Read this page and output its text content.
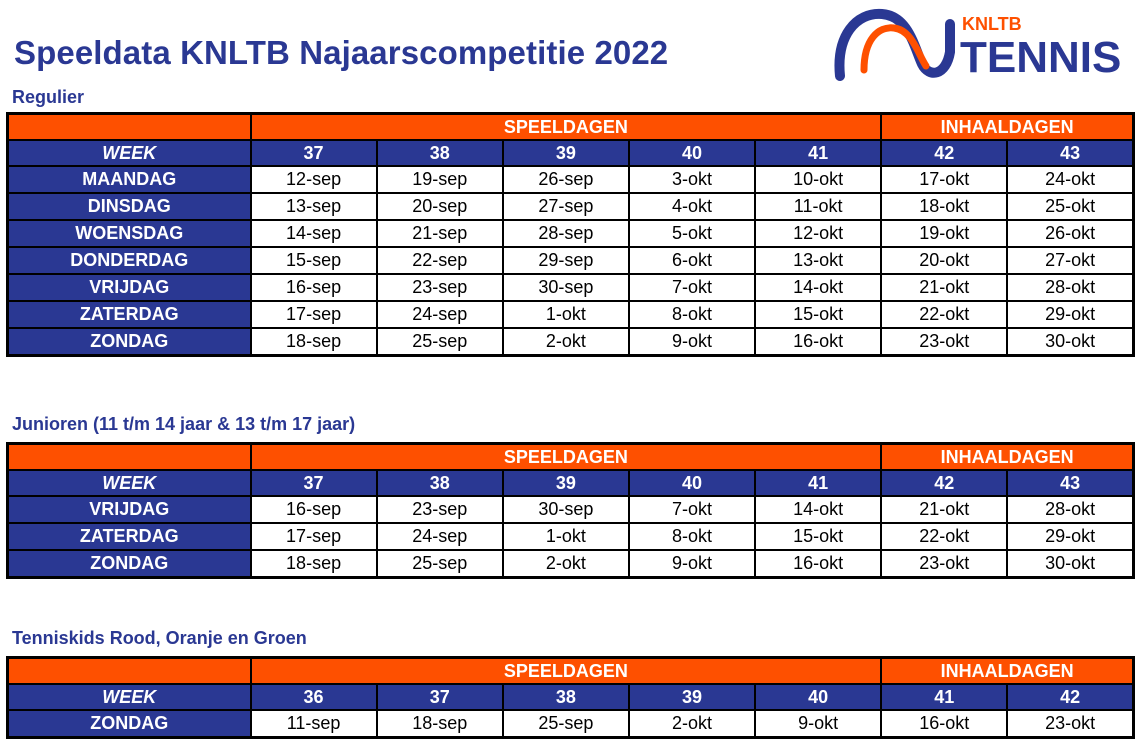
Speeldata KNLTB Najaarscompetitie 2022
KNLTB
TENNIS
Regulier
	SPEELDAGEN					INHAALDAGEN	
WEEK	37	38	39	40	41	42	43
MAANDAG	12-sep	19-sep	26-sep	3-okt	10-okt	17-okt	24-okt
DINSDAG	13-sep	20-sep	27-sep	4-okt	11-okt	18-okt	25-okt
WOENSDAG	14-sep	21-sep	28-sep	5-okt	12-okt	19-okt	26-okt
DONDERDAG	15-sep	22-sep	29-sep	6-okt	13-okt	20-okt	27-okt
VRIJDAG	16-sep	23-sep	30-sep	7-okt	14-okt	21-okt	28-okt
ZATERDAG	17-sep	24-sep	1-okt	8-okt	15-okt	22-okt	29-okt
ZONDAG	18-sep	25-sep	2-okt	9-okt	16-okt	23-okt	30-okt
Junioren (11 t/m 14 jaar & 13 t/m 17 jaar)
	SPEELDAGEN					INHAALDAGEN	
WEEK	37	38	39	40	41	42	43
VRIJDAG	16-sep	23-sep	30-sep	7-okt	14-okt	21-okt	28-okt
ZATERDAG	17-sep	24-sep	1-okt	8-okt	15-okt	22-okt	29-okt
ZONDAG	18-sep	25-sep	2-okt	9-okt	16-okt	23-okt	30-okt
Tenniskids Rood, Oranje en Groen
	SPEELDAGEN					INHAALDAGEN	
WEEK	36	37	38	39	40	41	42
ZONDAG	11-sep	18-sep	25-sep	2-okt	9-okt	16-okt	23-okt
